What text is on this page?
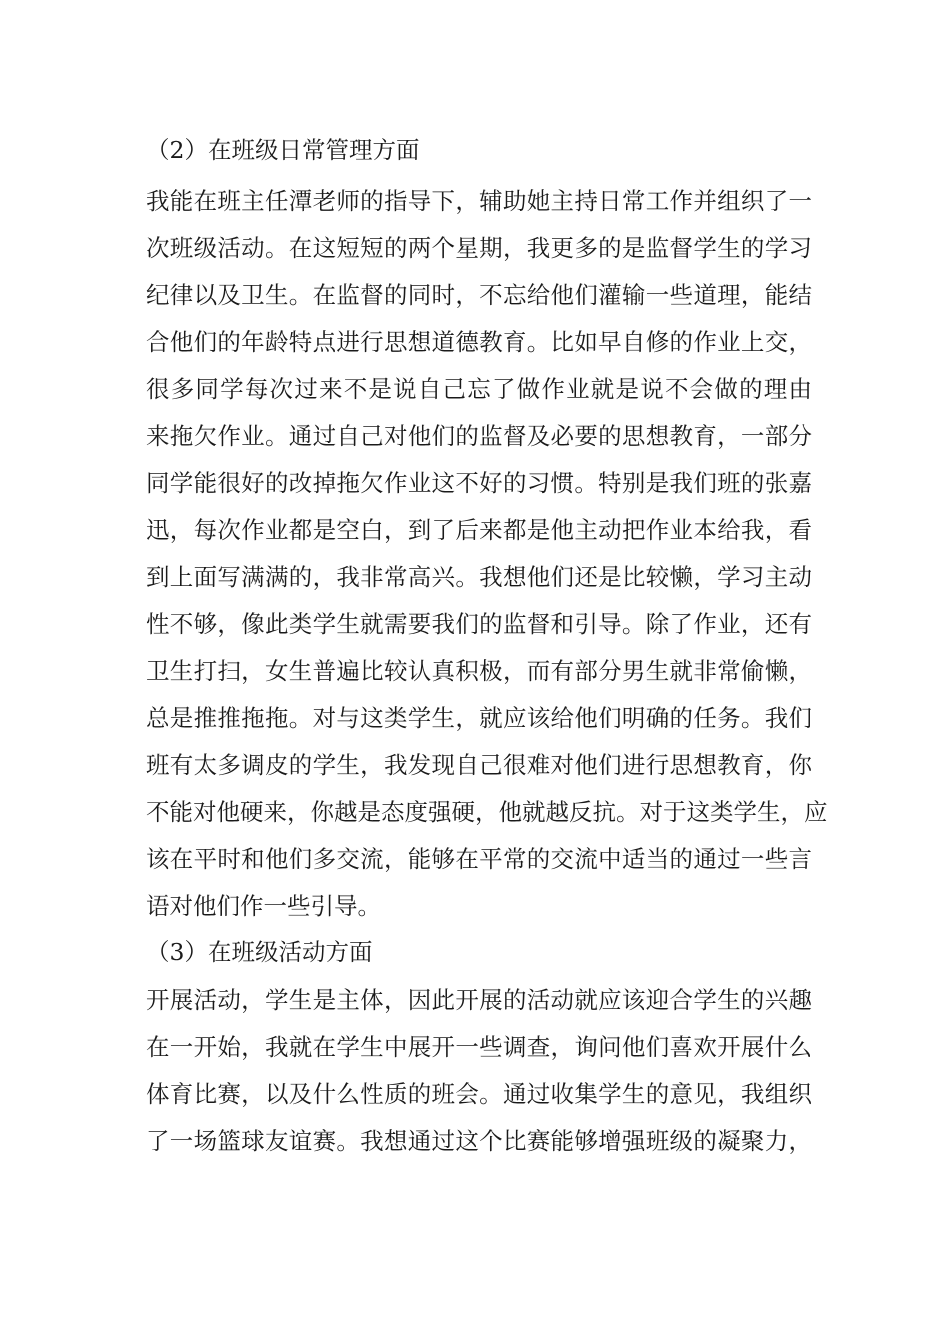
（2）在班级日常管理方面

我能在班主任潭老师的指导下，辅助她主持日常工作并组织了一

次班级活动。在这短短的两个星期，我更多的是监督学生的学习

纪律以及卫生。在监督的同时，不忘给他们灌输一些道理，能结

合他们的年龄特点进行思想道德教育。比如早自修的作业上交，

很多同学每次过来不是说自己忘了做作业就是说不会做的理由

来拖欠作业。通过自己对他们的监督及必要的思想教育，一部分

同学能很好的改掉拖欠作业这不好的习惯。特别是我们班的张嘉

迅，每次作业都是空白，到了后来都是他主动把作业本给我，看

到上面写满满的，我非常高兴。我想他们还是比较懒，学习主动

性不够，像此类学生就需要我们的监督和引导。除了作业，还有

卫生打扫，女生普遍比较认真积极，而有部分男生就非常偷懒，

总是推推拖拖。对与这类学生，就应该给他们明确的任务。我们

班有太多调皮的学生，我发现自己很难对他们进行思想教育，你

不能对他硬来，你越是态度强硬，他就越反抗。对于这类学生，应

该在平时和他们多交流，能够在平常的交流中适当的通过一些言

语对他们作一些引导。

（3）在班级活动方面

开展活动，学生是主体，因此开展的活动就应该迎合学生的兴趣

在一开始，我就在学生中展开一些调查，询问他们喜欢开展什么

体育比赛，以及什么性质的班会。通过收集学生的意见，我组织

了一场篮球友谊赛。我想通过这个比赛能够增强班级的凝聚力，
